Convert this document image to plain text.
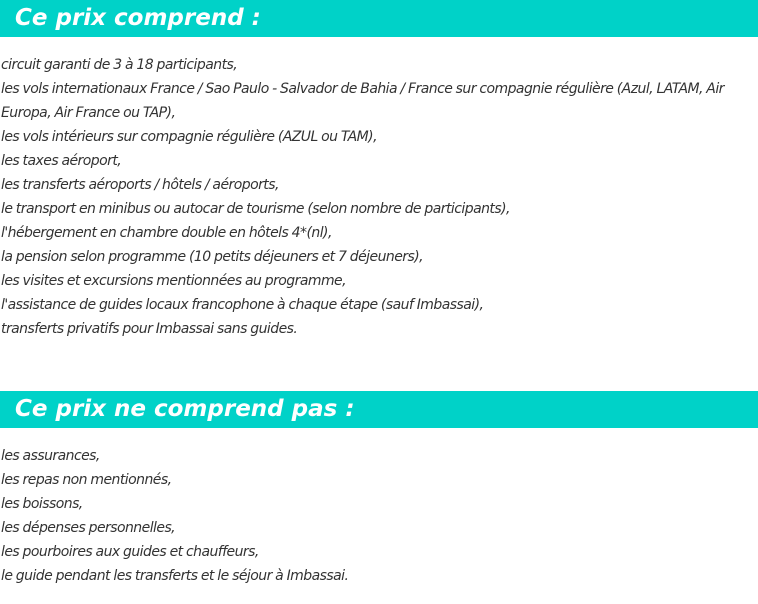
Ce prix comprend :
circuit garanti de 3 à 18 participants,
les vols internationaux France / Sao Paulo - Salvador de Bahia / France sur compagnie régulière (Azul, LATAM, Air Europa, Air France ou TAP),
les vols intérieurs sur compagnie régulière (AZUL ou TAM),
les taxes aéroport,
les transferts aéroports / hôtels / aéroports,
le transport en minibus ou autocar de tourisme (selon nombre de participants),
l'hébergement en chambre double en hôtels 4*(nl),
la pension selon programme (10 petits déjeuners et 7 déjeuners),
les visites et excursions mentionnées au programme,
l'assistance de guides locaux francophone à chaque étape (sauf Imbassai),
transferts privatifs pour Imbassai sans guides.
Ce prix ne comprend pas :
les assurances,
les repas non mentionnés,
les boissons,
les dépenses personnelles,
les pourboires aux guides et chauffeurs,
le guide pendant les transferts et le séjour à Imbassai.
